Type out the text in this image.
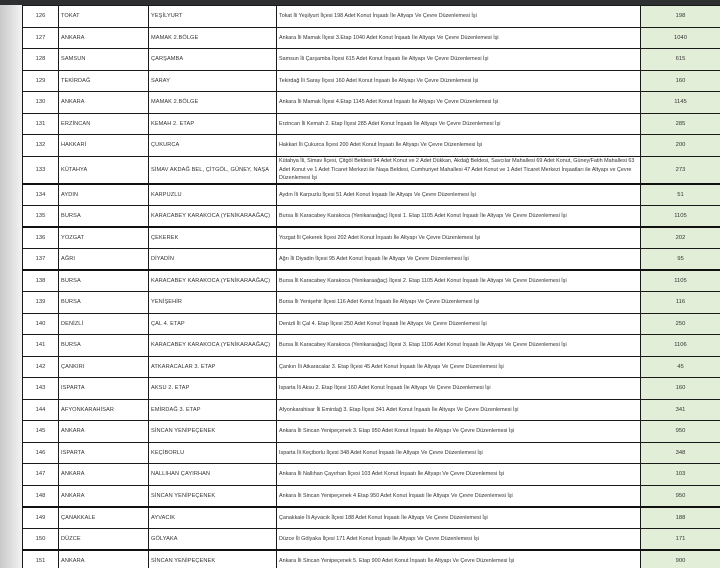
126	TOKAT	YEŞİLYURT	Tokat İli Yeşilyurt İlçesi 198 Adet Konut İnşaatı İle Altyapı Ve Çevre Düzenlemesi İşi	198
127	ANKARA	MAMAK 2.BÖLGE	Ankara İli Mamak İlçesi 3.Etap 1040 Adet Konut İnşaatı İle Altyapı Ve Çevre Düzenlemesi İşi	1040
128	SAMSUN	ÇARŞAMBA	Samsun İli Çarşamba İlçesi 615 Adet Konut İnşaatı İle Altyapı Ve Çevre Düzenlemesi İşi	615
129	TEKİRDAĞ	SARAY	Tekirdağ İli Saray İlçesi 160 Adet Konut İnşaatı İle Altyapı Ve Çevre Düzenlemesi İşi	160
130	ANKARA	MAMAK 2.BÖLGE	Ankara İli Mamak İlçesi 4.Etap 1145 Adet Konut İnşaatı İle Altyapı Ve Çevre Düzenlemesi İşi	1145
131	ERZİNCAN	KEMAH 2. ETAP	Erzincan İli Kemah 2. Etap İlçesi 285 Adet Konut İnşaatı İle Altyapı Ve Çevre Düzenlemesi İşi	285
132	HAKKARİ	ÇUKURCA	Hakkari İli Çukurca İlçesi 200 Adet Konut İnşaatı İle Altyapı Ve Çevre Düzenlemesi İşi	200
133	KÜTAHYA	SİMAV AKDAĞ BEL, ÇİTGÖL, GÜNEY, NAŞA	Kütahya İli, Simav İlçesi, Çitgöl Beldesi 94 Adet Konut ve 2 Adet Dükkan, Akdağ Beldesi, Savcılar Mahallesi 69 Adet Konut, Güney/Fatih Mahallesi 63 Adet Konut ve 1 Adet Ticaret Merkezi ile Naşa Beldesi, Cumhuriyet Mahallesi 47 Adet Konut ve 1 Adet Ticaret Merkezi İnşaatları ile Altyapı ve Çevre Düzenlemesi İşi	273
134	AYDIN	KARPUZLU	Aydın İli Karpuzlu İlçesi 51 Adet Konut İnşaatı İle Altyapı Ve Çevre Düzenlemesi İşi	51
135	BURSA	KARACABEY KARAKOCA (YENİKARAAĞAÇ)	Bursa İli Karacabey Karakoca (Yenikaraağaç) İlçesi 1. Etap 1105 Adet Konut İnşaatı İle Altyapı Ve Çevre Düzenlemesi İşi	1105
136	YOZGAT	ÇEKEREK	Yozgat İli Çekerek İlçesi 202 Adet Konut İnşaatı İle Altyapı Ve Çevre Düzenlemesi İşi	202
137	AĞRI	DİYADİN	Ağrı İli Diyadin İlçesi 95 Adet Konut İnşaatı İle Altyapı Ve Çevre Düzenlemesi İşi	95
138	BURSA	KARACABEY KARAKOCA (YENİKARAAĞAÇ)	Bursa İli Karacabey Karakoca (Yenikaraağaç) İlçesi 2. Etap 1105 Adet Konut İnşaatı İle Altyapı Ve Çevre Düzenlemesi İşi	1105
139	BURSA	YENİŞEHİR	Bursa İli Yenişehir İlçesi 116 Adet Konut İnşaatı İle Altyapı Ve Çevre Düzenlemesi İşi	116
140	DENİZLİ	ÇAL 4. ETAP	Denizli İli Çal 4. Etap İlçesi 250 Adet Konut İnşaatı İle Altyapı Ve Çevre Düzenlemesi İşi	250
141	BURSA	KARACABEY KARAKOCA (YENİKARAAĞAÇ)	Bursa İli Karacabey Karakoca (Yenikaraağaç) İlçesi 3. Etap 1106 Adet Konut İnşaatı İle Altyapı Ve Çevre Düzenlemesi İşi	1106
142	ÇANKIRI	ATKARACALAR 3. ETAP	Çankırı İli Atkaracalar 3. Etap İlçesi 45 Adet Konut İnşaatı İle Altyapı Ve Çevre Düzenlemesi İşi	45
143	ISPARTA	AKSU 2. ETAP	Isparta İli Aksu 2. Etap İlçesi 160 Adet Konut İnşaatı İle Altyapı Ve Çevre Düzenlemesi İşi	160
144	AFYONKARAHİSAR	EMİRDAĞ 3. ETAP	Afyonkarahisar İli Emirdağ 3. Etap İlçesi 341 Adet Konut İnşaatı İle Altyapı Ve Çevre Düzenlemesi İşi	341
145	ANKARA	SİNCAN YENİPEÇENEK	Ankara İli Sincan Yenipeçenek 3. Etap 950 Adet Konut İnşaatı İle Altyapı Ve Çevre Düzenlemesi İşi	950
146	ISPARTA	KEÇİBORLU	Isparta İli Keçiborlu İlçesi 348 Adet Konut İnşaatı İle Altyapı Ve Çevre Düzenlemesi İşi	348
147	ANKARA	NALLIHAN ÇAYIRHAN	Ankara İli Nallıhan Çayırhan İlçesi 103 Adet Konut İnşaatı İle Altyapı Ve Çevre Düzenlemesi İşi	103
148	ANKARA	SİNCAN YENİPEÇENEK	Ankara İli Sincan Yenipeçenek 4 Etap 950 Adet Konut İnşaatı İle Altyapı Ve Çevre Düzenlemesi İşi	950
149	ÇANAKKALE	AYVACIK	Çanakkale İli Ayvacık İlçesi 188 Adet Konut İnşaatı İle Altyapı Ve Çevre Düzenlemesi İşi	188
150	DÜZCE	GÖLYAKA	Düzce İli Gölyaka İlçesi 171 Adet Konut İnşaatı İle Altyapı Ve Çevre Düzenlemesi İşi	171
151	ANKARA	SİNCAN YENİPEÇENEK	Ankara İli Sincan Yenipeçenek 5. Etap 900 Adet Konut İnşaatı İle Altyapı Ve Çevre Düzenlemesi İşi	900
